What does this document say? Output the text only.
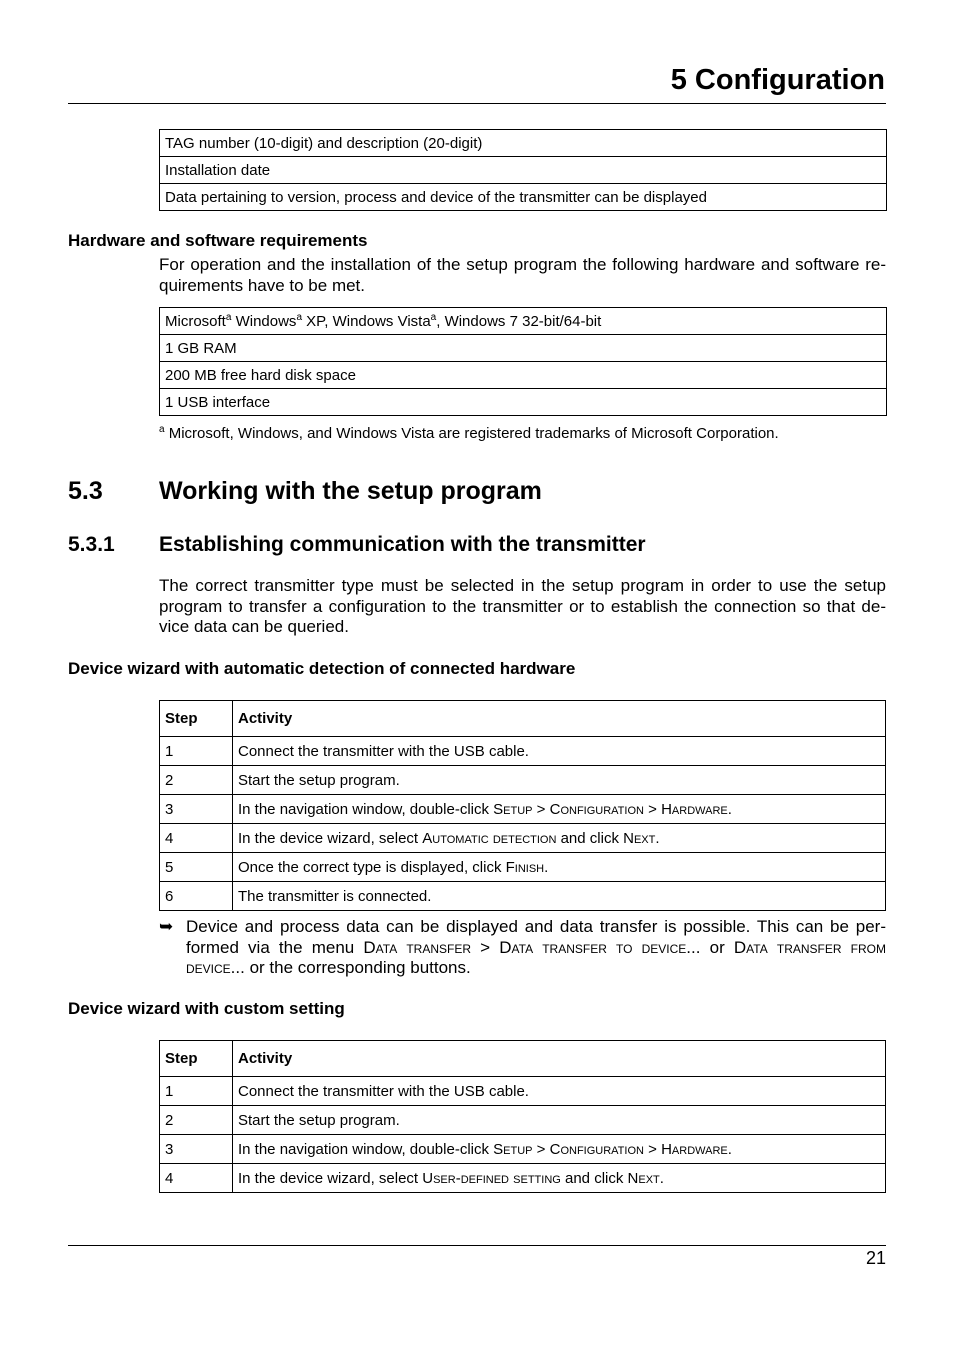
5 Configuration
TAG number (10-digit) and description (20-digit)
Installation date
Data pertaining to version, process and device of the transmitter can be displayed
Hardware and software requirements
For operation and the installation of the setup program the following hardware and software re-quirements have to be met.
Microsoft$^a$ Windows$^a$ XP, Windows Vista$^a$, Windows 7 32-bit/64-bit
1 GB RAM
200 MB free hard disk space
1 USB interface
$^a$ Microsoft, Windows, and Windows Vista are registered trademarks of Microsoft Corporation.
5.3 Working with the setup program
5.3.1 Establishing communication with the transmitter
The correct transmitter type must be selected in the setup program in order to use the setup program to transfer a configuration to the transmitter or to establish the connection so that de-vice data can be queried.
Device wizard with automatic detection of connected hardware
Step	Activity
1	Connect the transmitter with the USB cable.
2	Start the setup program.
3	In the navigation window, double-click Setup > Configuration > Hardware.
4	In the device wizard, select Automatic detection and click Next.
5	Once the correct type is displayed, click Finish.
6	The transmitter is connected.
➥ Device and process data can be displayed and data transfer is possible. This can be per-formed via the menu Data transfer > Data transfer to device... or Data transfer from device... or the corresponding buttons.
Device wizard with custom setting
Step	Activity
1	Connect the transmitter with the USB cable.
2	Start the setup program.
3	In the navigation window, double-click Setup > Configuration > Hardware.
4	In the device wizard, select User-defined setting and click Next.
21
